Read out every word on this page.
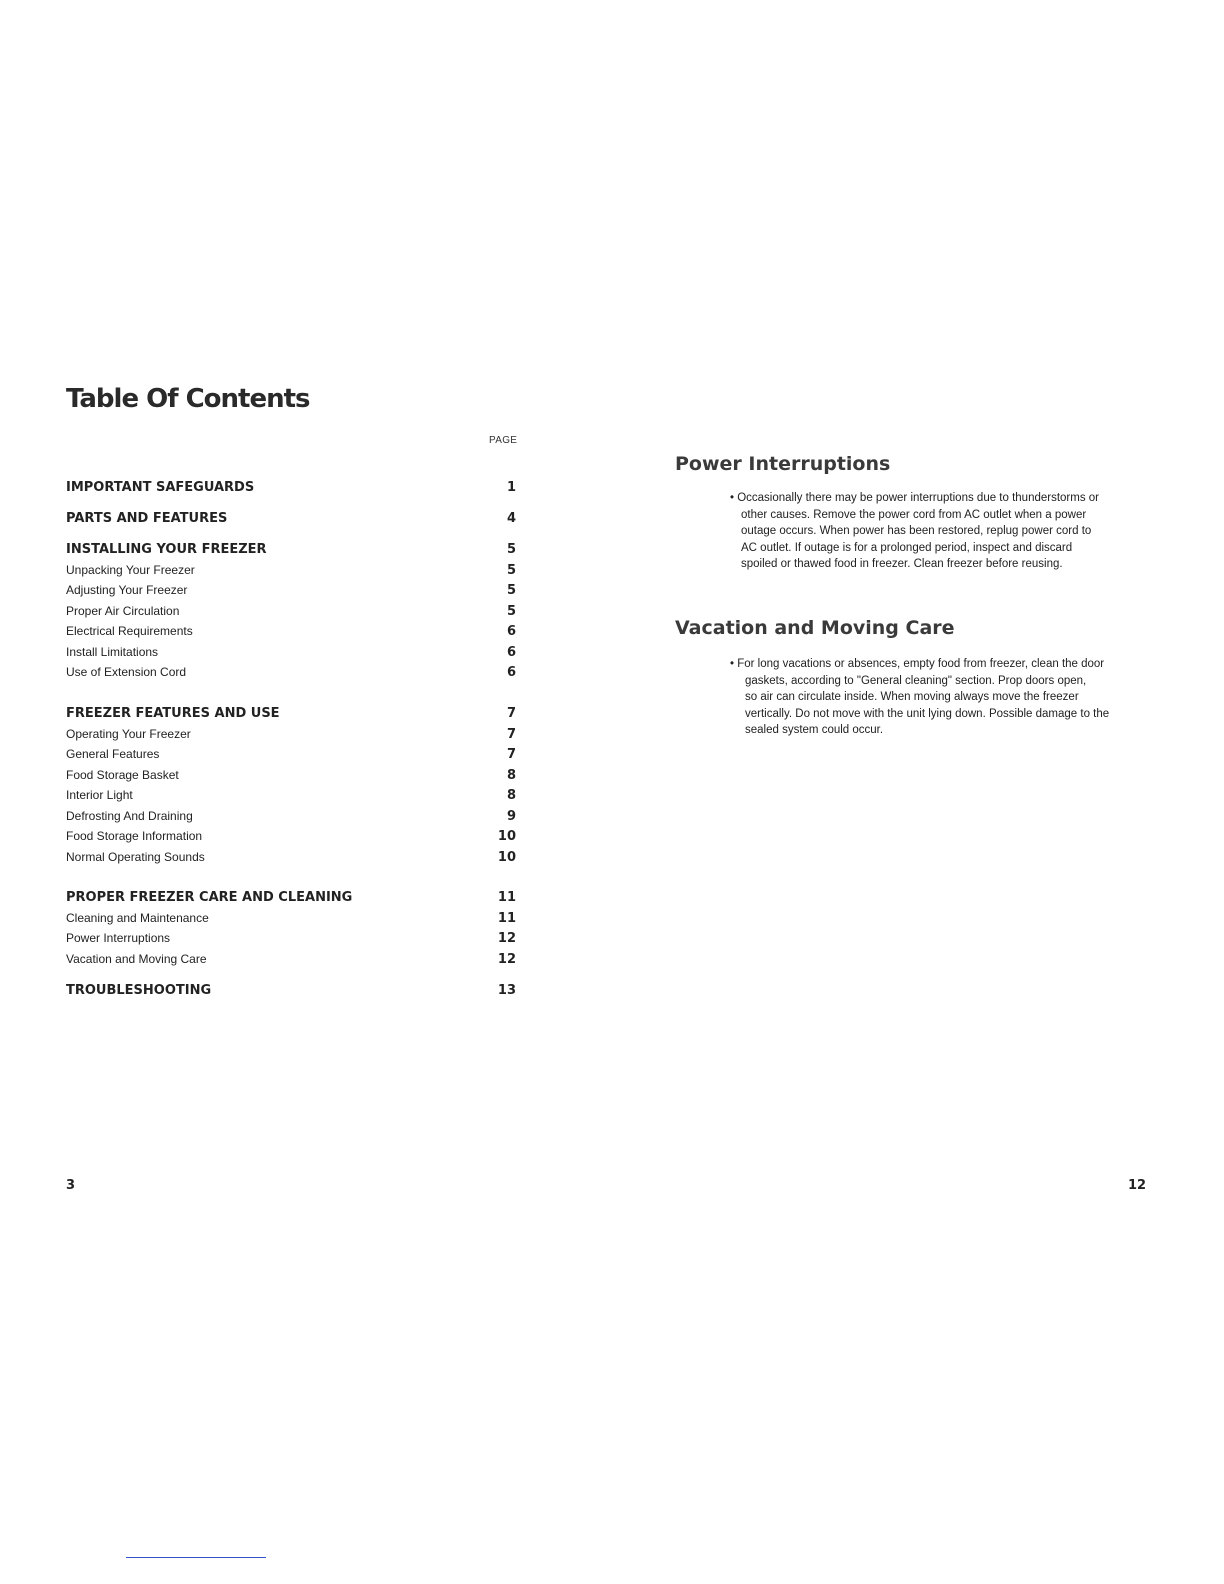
Table Of Contents
PAGE
IMPORTANT SAFEGUARDS	1
PARTS AND FEATURES	4
INSTALLING YOUR FREEZER	5
Unpacking Your Freezer	5
Adjusting Your Freezer	5
Proper Air Circulation	5
Electrical Requirements	6
Install Limitations	6
Use of Extension Cord	6
FREEZER FEATURES AND USE	7
Operating Your Freezer	7
General Features	7
Food Storage Basket	8
Interior Light	8
Defrosting And Draining	9
Food Storage Information	10
Normal Operating Sounds	10
PROPER FREEZER CARE AND CLEANING	11
Cleaning and Maintenance	11
Power Interruptions	12
Vacation and Moving Care	12
TROUBLESHOOTING	13
Power Interruptions
• Occasionally there may be power interruptions due to thunderstorms or
other causes. Remove the power cord from AC outlet when a power
outage occurs. When power has been restored, replug power cord to
AC outlet. If outage is for a prolonged period, inspect and discard
spoiled or thawed food in freezer. Clean freezer before reusing.
Vacation and Moving Care
• For long vacations or absences, empty food from freezer, clean the door
gaskets, according to "General cleaning" section. Prop doors open,
so air can circulate inside. When moving always move the freezer
vertically. Do not move with the unit lying down. Possible damage to the
sealed system could occur.
3	12
